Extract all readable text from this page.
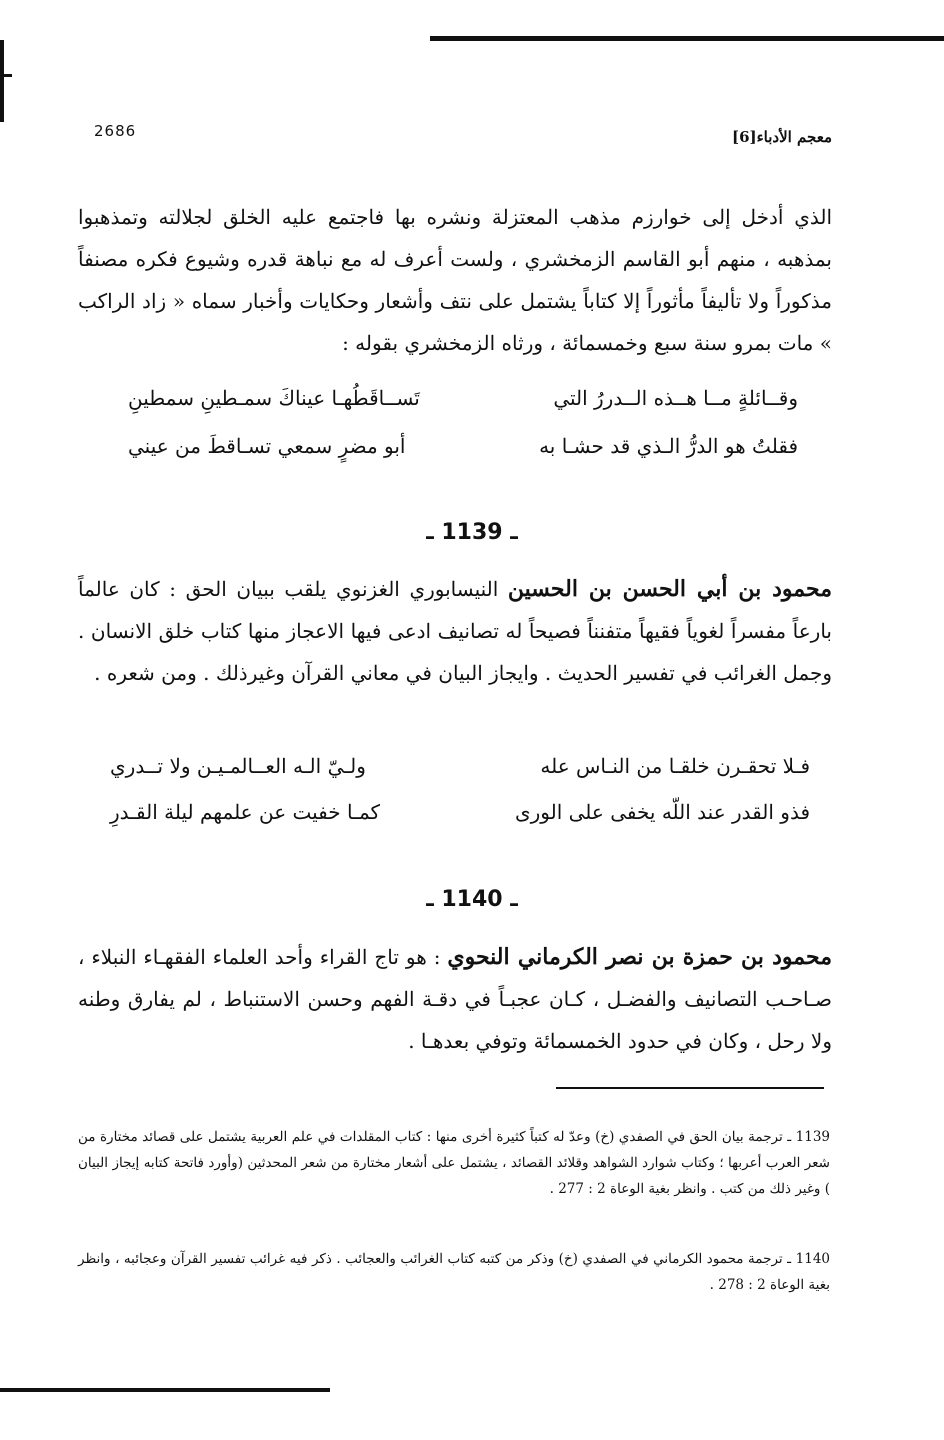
2686	معجم الأدباء[6]
الذي أدخل إلى خوارزم مذهب المعتزلة ونشره بها فاجتمع عليه الخلق لجلالته وتمذهبوا بمذهبه ، منهم أبو القاسم الزمخشري ، ولست أعرف له مع نباهة قدره وشيوع فكره مصنفاً مذكوراً ولا تأليفاً مأثوراً إلا كتاباً يشتمل على نتف وأشعار وحكايات وأخبار سماه « زاد الراكب » مات بمرو سنة سبع وخمسمائة ، ورثاه الزمخشري بقوله :
وقــائلةٍ مــا هــذه الــدررُ التي
تَســاقَطُهـا عيناكَ سمـطينِ سمطينِ
فقلتُ هو الدرُّ الـذي قد حشـا به
أبو مضرٍ سمعي تسـاقطَ من عيني
ـ 1139 ـ
محمود بن أبي الحسن بن الحسين النيسابوري الغزنوي يلقب ببيان الحق : كان عالماً بارعاً مفسراً لغوياً فقيهاً متفنناً فصيحاً له تصانيف ادعى فيها الاعجاز منها كتاب خلق الانسان . وجمل الغرائب في تفسير الحديث . وايجاز البيان في معاني القرآن وغيرذلك . ومن شعره .
فـلا تحقـرن خلقـا من النـاس عله
ولـيّ الـه العــالمـيـن ولا تــدري
فذو القدر عند اللّه يخفى على الورى
كمـا خفيت عن علمهم ليلة القـدرِ
ـ 1140 ـ
محمود بن حمزة بن نصر الكرماني النحوي : هو تاج القراء وأحد العلماء الفقهـاء النبلاء ، صـاحـب التصانيف والفضـل ، كـان عجبـاً في دقـة الفهم وحسن الاستنباط ، لم يفارق وطنه ولا رحل ، وكان في حدود الخمسمائة وتوفي بعدهـا .
1139 ـ ترجمة بيان الحق في الصفدي (خ) وعدّ له كتباً كثيرة أخرى منها : كتاب المقلدات في علم العربية يشتمل على قصائد مختارة من شعر العرب أعربها ؛ وكتاب شوارد الشواهد وقلائد القصائد ، يشتمل على أشعار مختارة من شعر المحدثين (وأورد فاتحة كتابه إيجاز البيان ) وغير ذلك من كتب . وانظر بغية الوعاة 2 : 277 .
1140 ـ ترجمة محمود الكرماني في الصفدي (خ) وذكر من كتبه كتاب الغرائب والعجائب . ذكر فيه غرائب تفسير القرآن وعجائبه ، وانظر بغية الوعاة 2 : 278 .
